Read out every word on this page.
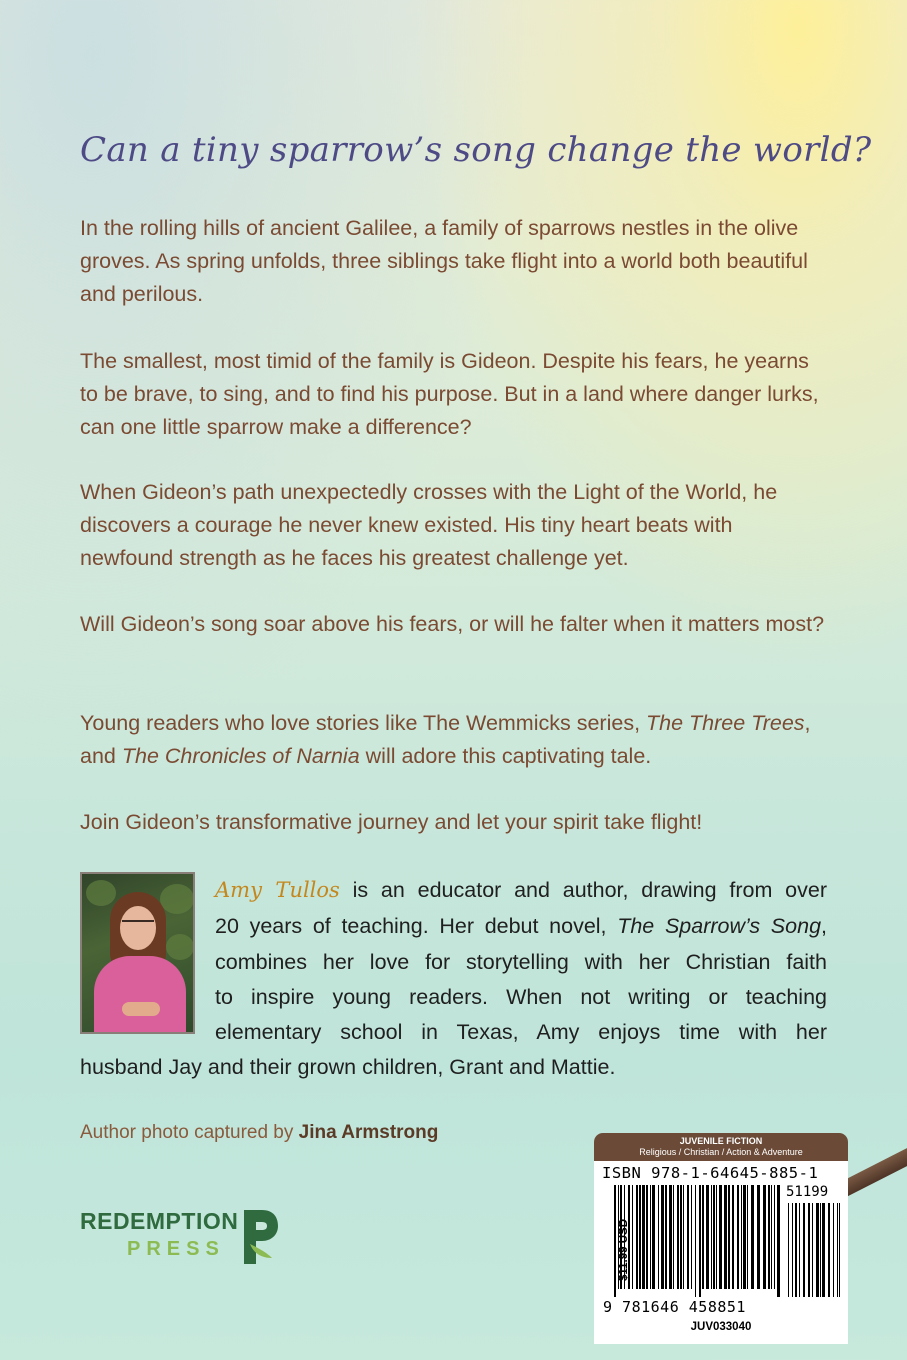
Can a tiny sparrow’s song change the world?

In the rolling hills of ancient Galilee, a family of sparrows nestles in the olive groves. As spring unfolds, three siblings take flight into a world both beautiful and perilous.

The smallest, most timid of the family is Gideon. Despite his fears, he yearns to be brave, to sing, and to find his purpose. But in a land where danger lurks, can one little sparrow make a difference?

When Gideon’s path unexpectedly crosses with the Light of the World, he discovers a courage he never knew existed. His tiny heart beats with newfound strength as he faces his greatest challenge yet.

Will Gideon’s song soar above his fears, or will he falter when it matters most?

Young readers who love stories like The Wemmicks series, The Three Trees, and The Chronicles of Narnia will adore this captivating tale.

Join Gideon’s transformative journey and let your spirit take flight!

Amy Tullos is an educator and author, drawing from over
20 years of teaching. Her debut novel, The Sparrow’s Song,
combines her love for storytelling with her Christian faith
to inspire young readers. When not writing or teaching
elementary school in Texas, Amy enjoys time with her
husband Jay and their grown children, Grant and Mattie.
Author photo captured by Jina Armstrong
REDEMPTION
PRESS
JUVENILE FICTION
Religious / Christian / Action & Adventure
ISBN 978-1-64645-885-1
51199
9 781646 458851
JUV033040
